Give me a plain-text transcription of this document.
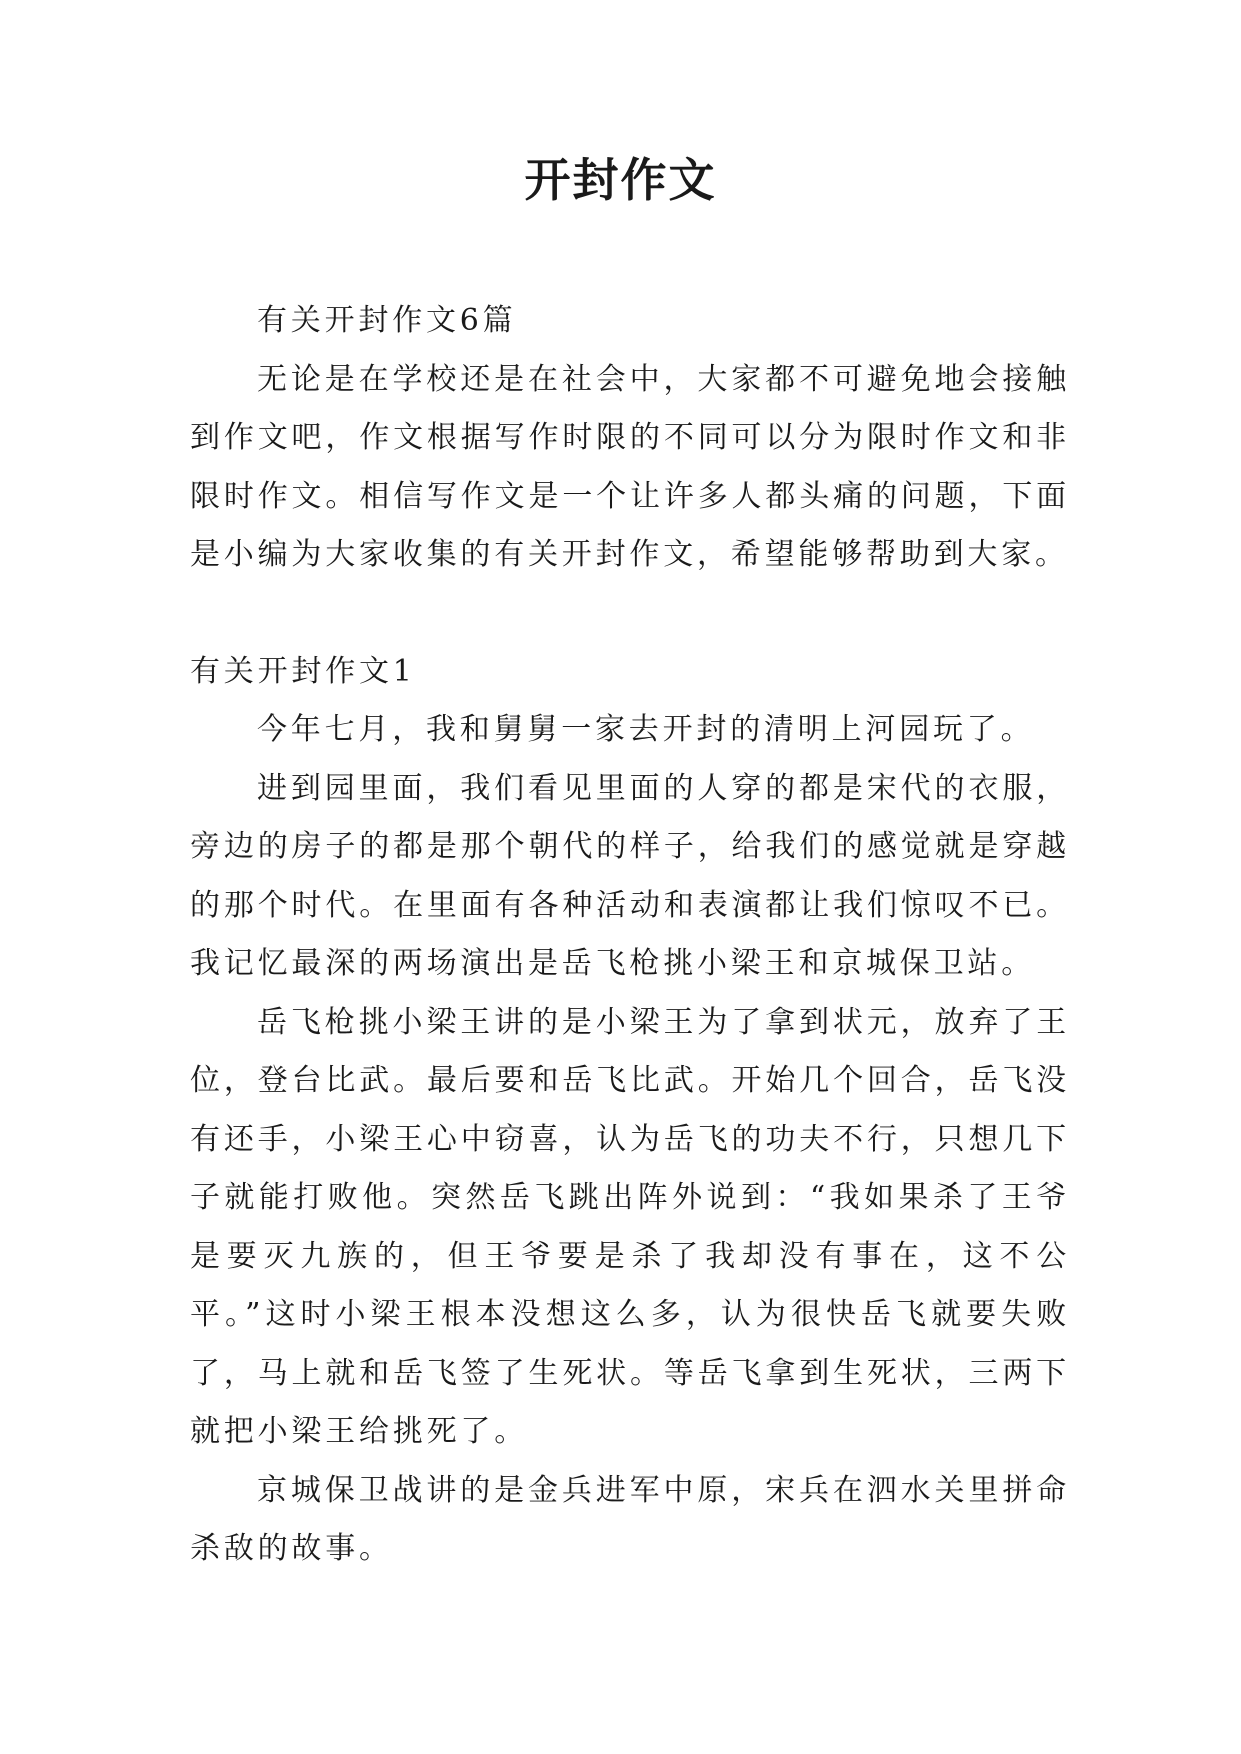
开封作文

有关开封作文6篇

无论是在学校还是在社会中，大家都不可避免地会接触到作文吧，作文根据写作时限的不同可以分为限时作文和非限时作文。相信写作文是一个让许多人都头痛的问题，下面是小编为大家收集的有关开封作文，希望能够帮助到大家。

有关开封作文1

今年七月，我和舅舅一家去开封的清明上河园玩了。

进到园里面，我们看见里面的人穿的都是宋代的衣服，旁边的房子的都是那个朝代的样子，给我们的感觉就是穿越的那个时代。在里面有各种活动和表演都让我们惊叹不已。我记忆最深的两场演出是岳飞枪挑小梁王和京城保卫站。

岳飞枪挑小梁王讲的是小梁王为了拿到状元，放弃了王位，登台比武。最后要和岳飞比武。开始几个回合，岳飞没有还手，小梁王心中窃喜，认为岳飞的功夫不行，只想几下子就能打败他。突然岳飞跳出阵外说到：“我如果杀了王爷是要灭九族的，但王爷要是杀了我却没有事在，这不公平。”这时小梁王根本没想这么多，认为很快岳飞就要失败了，马上就和岳飞签了生死状。等岳飞拿到生死状，三两下就把小梁王给挑死了。

京城保卫战讲的是金兵进军中原，宋兵在泗水关里拼命杀敌的故事。
